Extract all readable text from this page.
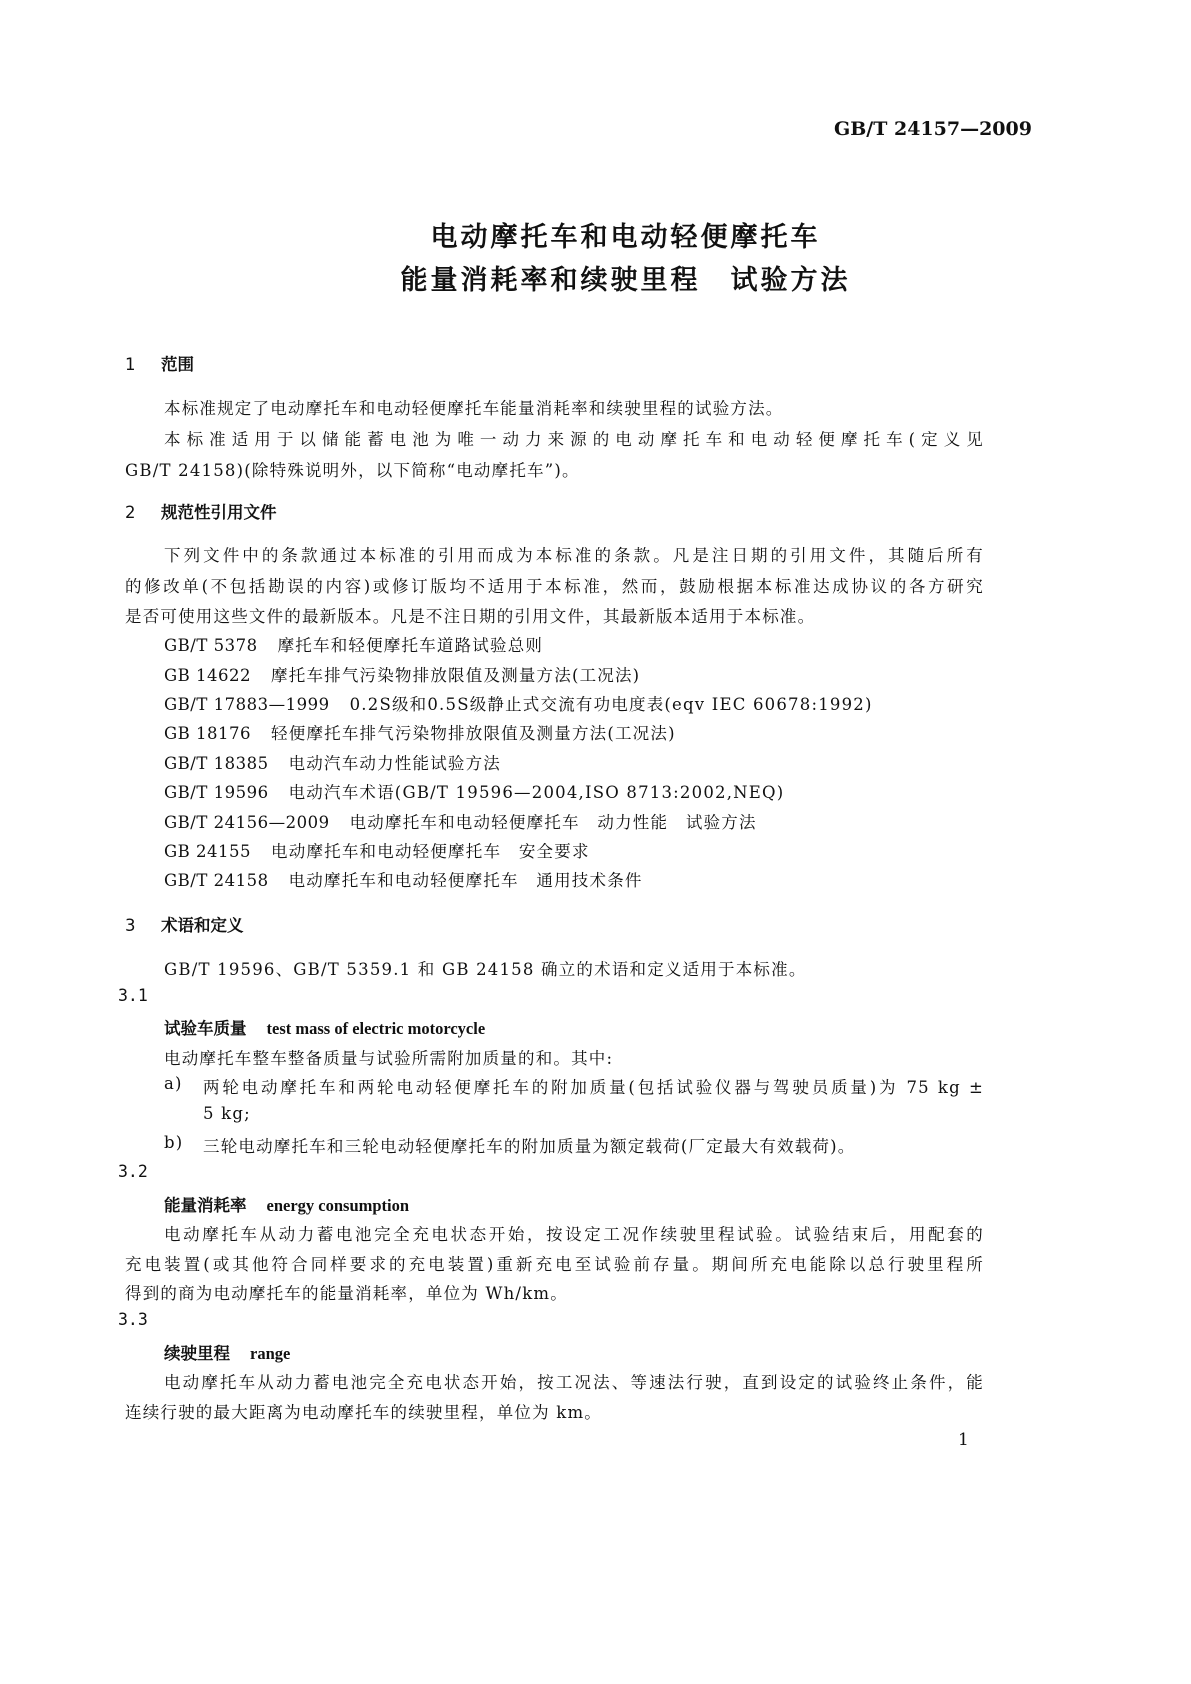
GB/T 24157—2009
电动摩托车和电动轻便摩托车
能量消耗率和续驶里程　试验方法
1 范围
本标准规定了电动摩托车和电动轻便摩托车能量消耗率和续驶里程的试验方法。
本标准适用于以储能蓄电池为唯一动力来源的电动摩托车和电动轻便摩托车(定义见
GB/T 24158)(除特殊说明外，以下简称“电动摩托车”)。
2 规范性引用文件
下列文件中的条款通过本标准的引用而成为本标准的条款。凡是注日期的引用文件，其随后所有
的修改单(不包括勘误的内容)或修订版均不适用于本标准，然而，鼓励根据本标准达成协议的各方研究
是否可使用这些文件的最新版本。凡是不注日期的引用文件，其最新版本适用于本标准。
GB/T 5378 摩托车和轻便摩托车道路试验总则
GB 14622 摩托车排气污染物排放限值及测量方法(工况法)
GB/T 17883—1999 0.2S级和0.5S级静止式交流有功电度表(eqv IEC 60678:1992)
GB 18176 轻便摩托车排气污染物排放限值及测量方法(工况法)
GB/T 18385 电动汽车动力性能试验方法
GB/T 19596 电动汽车术语(GB/T 19596—2004,ISO 8713:2002,NEQ)
GB/T 24156—2009 电动摩托车和电动轻便摩托车　动力性能　试验方法
GB 24155 电动摩托车和电动轻便摩托车　安全要求
GB/T 24158 电动摩托车和电动轻便摩托车　通用技术条件
3 术语和定义
GB/T 19596、GB/T 5359.1 和 GB 24158 确立的术语和定义适用于本标准。
3.1
试验车质量 test mass of electric motorcycle
电动摩托车整车整备质量与试验所需附加质量的和。其中:
a) 两轮电动摩托车和两轮电动轻便摩托车的附加质量(包括试验仪器与驾驶员质量)为 75 kg ±
5 kg;
b) 三轮电动摩托车和三轮电动轻便摩托车的附加质量为额定载荷(厂定最大有效载荷)。
3.2
能量消耗率 energy consumption
电动摩托车从动力蓄电池完全充电状态开始，按设定工况作续驶里程试验。试验结束后，用配套的
充电装置(或其他符合同样要求的充电装置)重新充电至试验前存量。期间所充电能除以总行驶里程所
得到的商为电动摩托车的能量消耗率，单位为 Wh/km。
3.3
续驶里程 range
电动摩托车从动力蓄电池完全充电状态开始，按工况法、等速法行驶，直到设定的试验终止条件，能
连续行驶的最大距离为电动摩托车的续驶里程，单位为 km。
1
